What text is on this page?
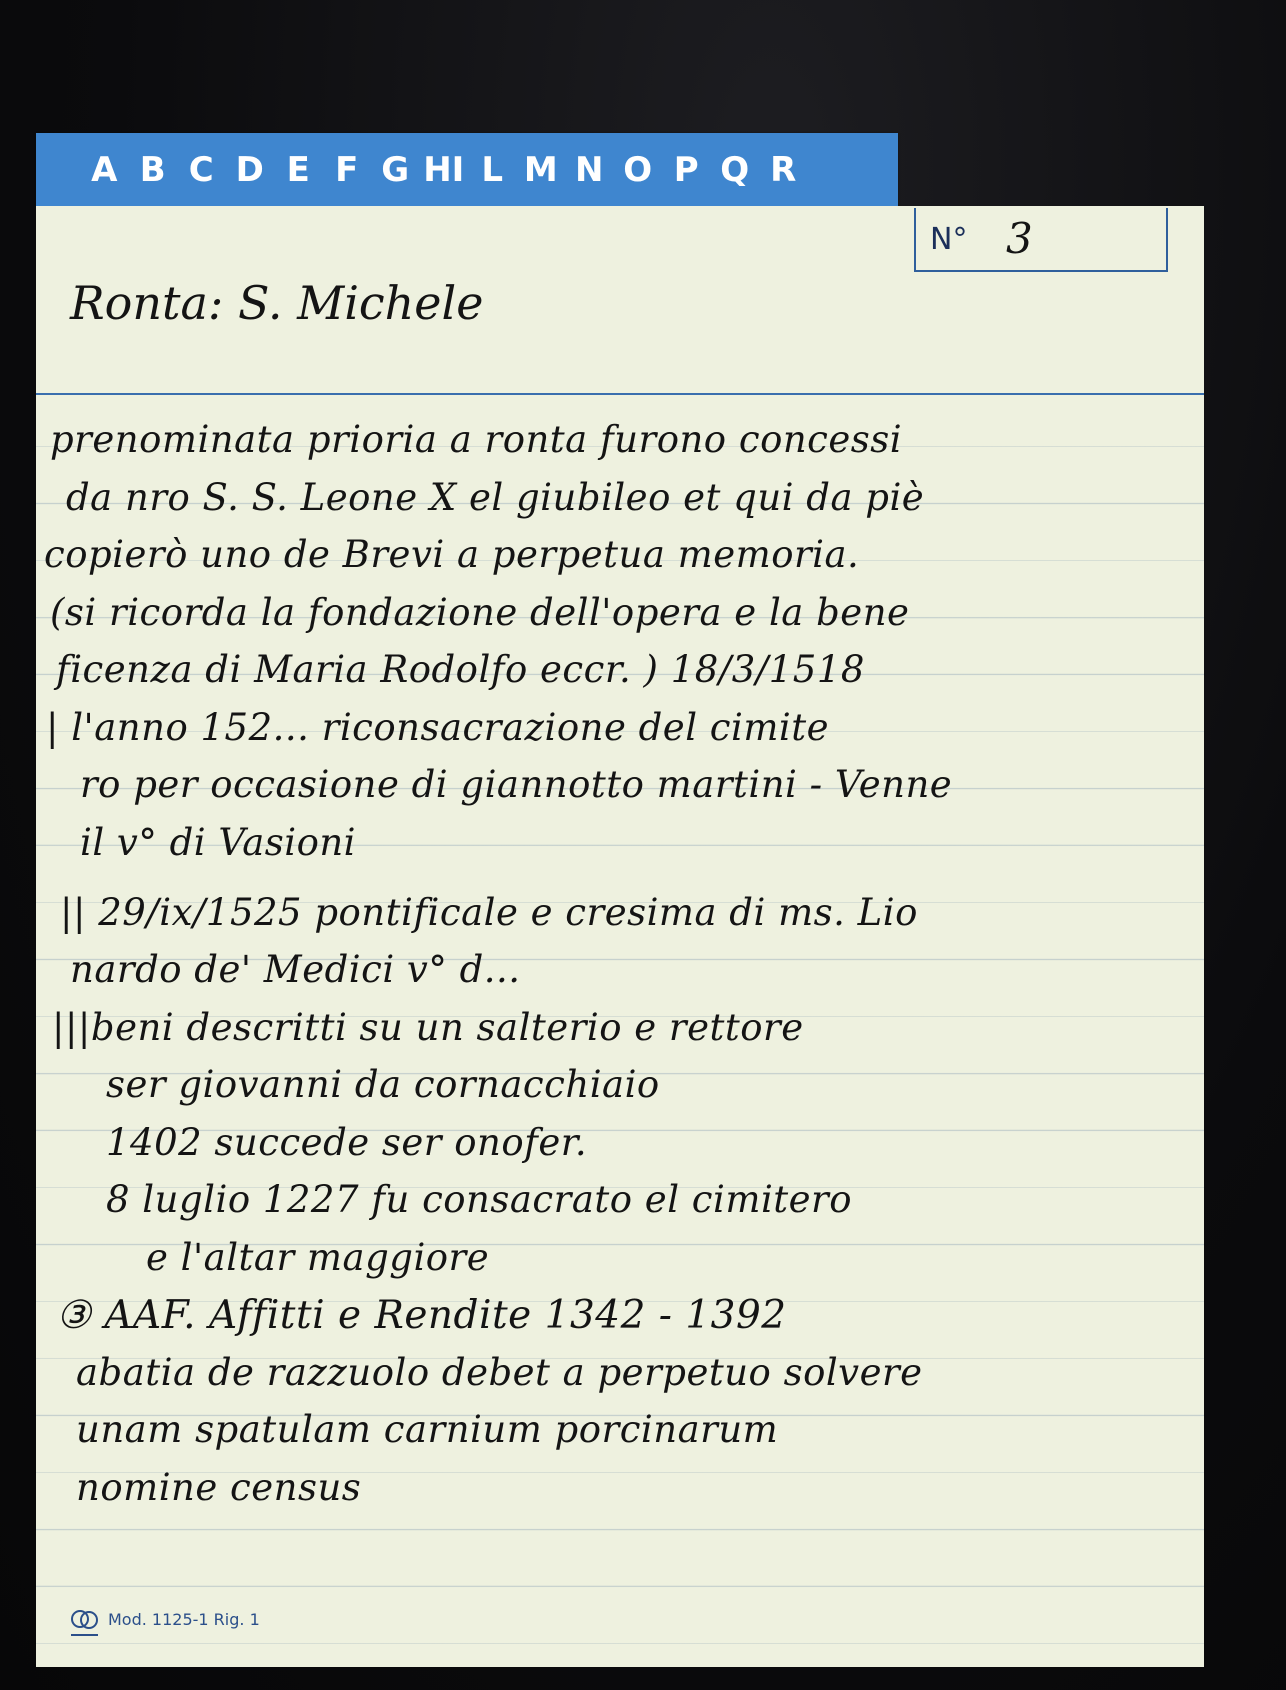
A B C D E F G HI L M N O P Q R
N° 3
Ronta: S. Michele
prenominata prioria a ronta furono concessi
da nro S. S. Leone X el giubileo et qui da piè
copierò uno de Brevi a perpetua memoria.
(si ricorda la fondazione dell'opera e la bene
ficenza di Maria Rodolfo eccr. ) 18/3/1518
| l'anno 152... riconsacrazione del cimite
ro per occasione di giannotto martini - Venne
il v° di Vasioni
|| 29/ix/1525 pontificale e cresima di ms. Lio
nardo de' Medici v° d...
|||beni descritti su un salterio e rettore
ser giovanni da cornacchiaio
1402 succede ser onofer.
8 luglio 1227 fu consacrato el cimitero
e l'altar maggiore
③ AAF. Affitti e Rendite 1342 - 1392
abatia de razzuolo debet a perpetuo solvere
unam spatulam carnium porcinarum
nomine census
Mod. 1125-1 Rig. 1
